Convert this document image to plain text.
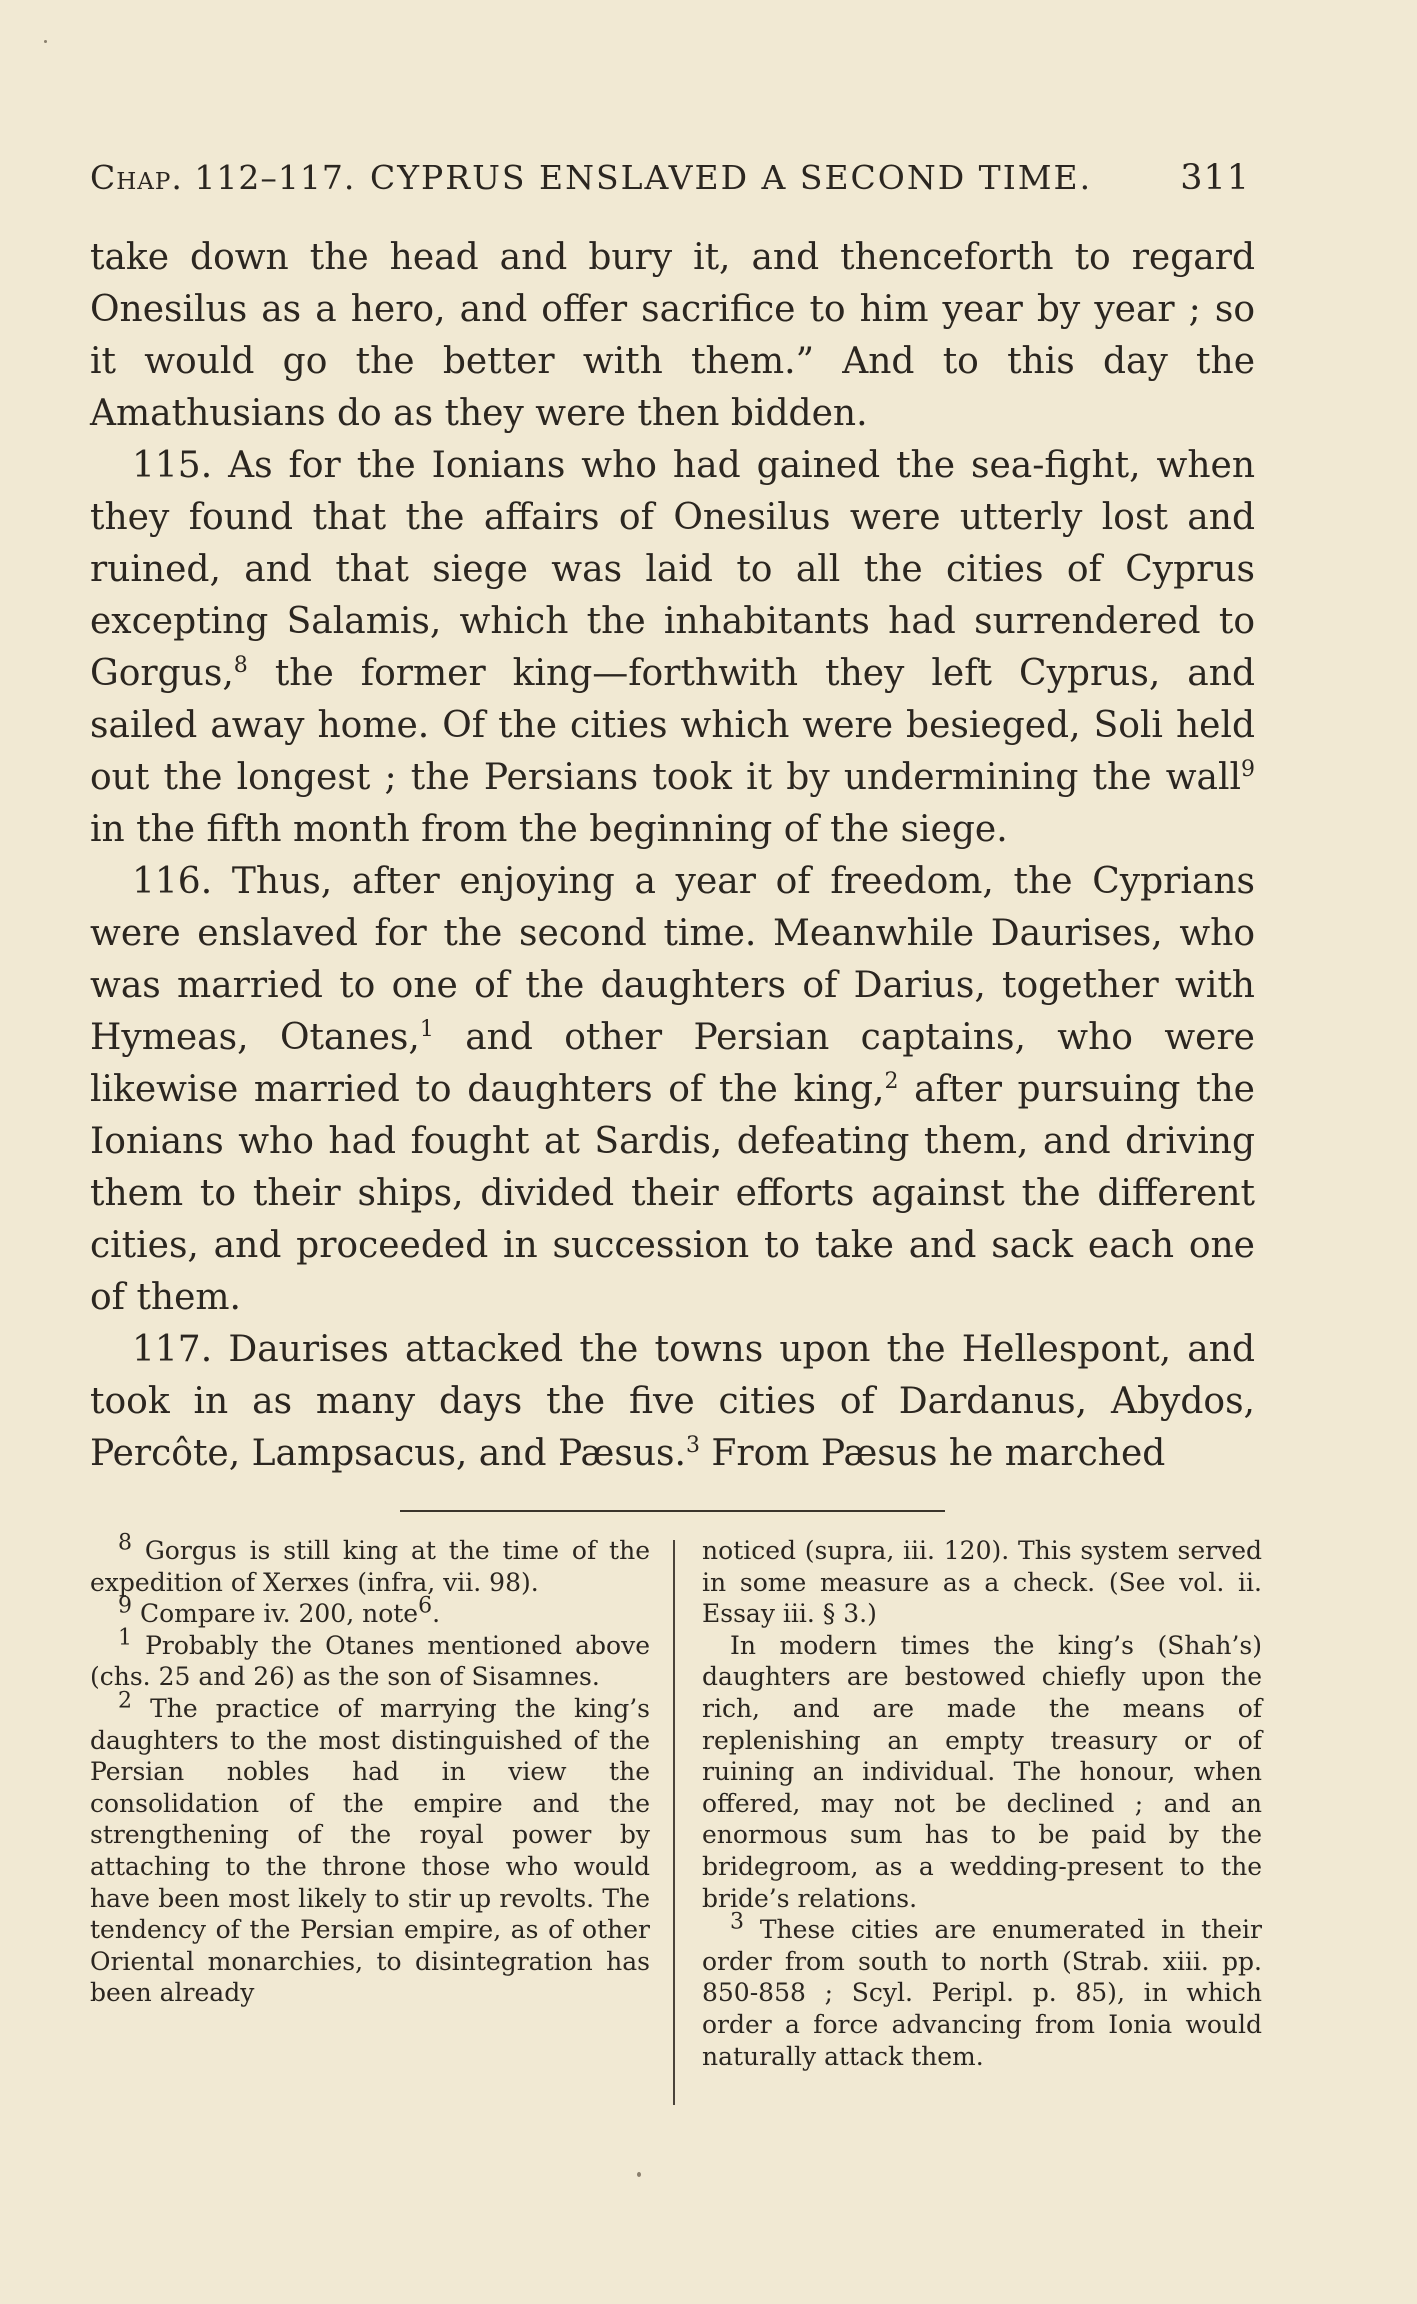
Chap. 112–117. CYPRUS ENSLAVED A SECOND TIME.	311

take down the head and bury it, and thenceforth to regard Onesilus as a hero, and offer sacrifice to him year by year ; so it would go the better with them.” And to this day the Amathusians do as they were then bidden.

115. As for the Ionians who had gained the sea-fight, when they found that the affairs of Onesilus were utterly lost and ruined, and that siege was laid to all the cities of Cyprus excepting Salamis, which the inhabitants had surrendered to Gorgus,$^8$ the former king—forthwith they left Cyprus, and sailed away home. Of the cities which were besieged, Soli held out the longest ; the Persians took it by undermining the wall$^9$ in the fifth month from the beginning of the siege.

116. Thus, after enjoying a year of freedom, the Cyprians were enslaved for the second time. Meanwhile Daurises, who was married to one of the daughters of Darius, together with Hymeas, Otanes,$^1$ and other Persian captains, who were likewise married to daughters of the king,$^2$ after pursuing the Ionians who had fought at Sardis, defeating them, and driving them to their ships, divided their efforts against the different cities, and proceeded in succession to take and sack each one of them.

117. Daurises attacked the towns upon the Hellespont, and took in as many days the five cities of Dardanus, Abydos, Percôte, Lampsacus, and Pæsus.$^3$ From Pæsus he marched

$^8$ Gorgus is still king at the time of the expedition of Xerxes (infra, vii. 98).

$^9$ Compare iv. 200, note$^6$.

$^1$ Probably the Otanes mentioned above (chs. 25 and 26) as the son of Sisamnes.

$^2$ The practice of marrying the king’s daughters to the most distinguished of the Persian nobles had in view the consolidation of the empire and the strengthening of the royal power by attaching to the throne those who would have been most likely to stir up revolts. The tendency of the Persian empire, as of other Oriental monarchies, to disintegration has been already

noticed (supra, iii. 120). This system served in some measure as a check. (See vol. ii. Essay iii. § 3.)

In modern times the king’s (Shah’s) daughters are bestowed chiefly upon the rich, and are made the means of replenishing an empty treasury or of ruining an individual. The honour, when offered, may not be declined ; and an enormous sum has to be paid by the bridegroom, as a wedding-present to the bride’s relations.

$^3$ These cities are enumerated in their order from south to north (Strab. xiii. pp. 850-858 ; Scyl. Peripl. p. 85), in which order a force advancing from Ionia would naturally attack them.
